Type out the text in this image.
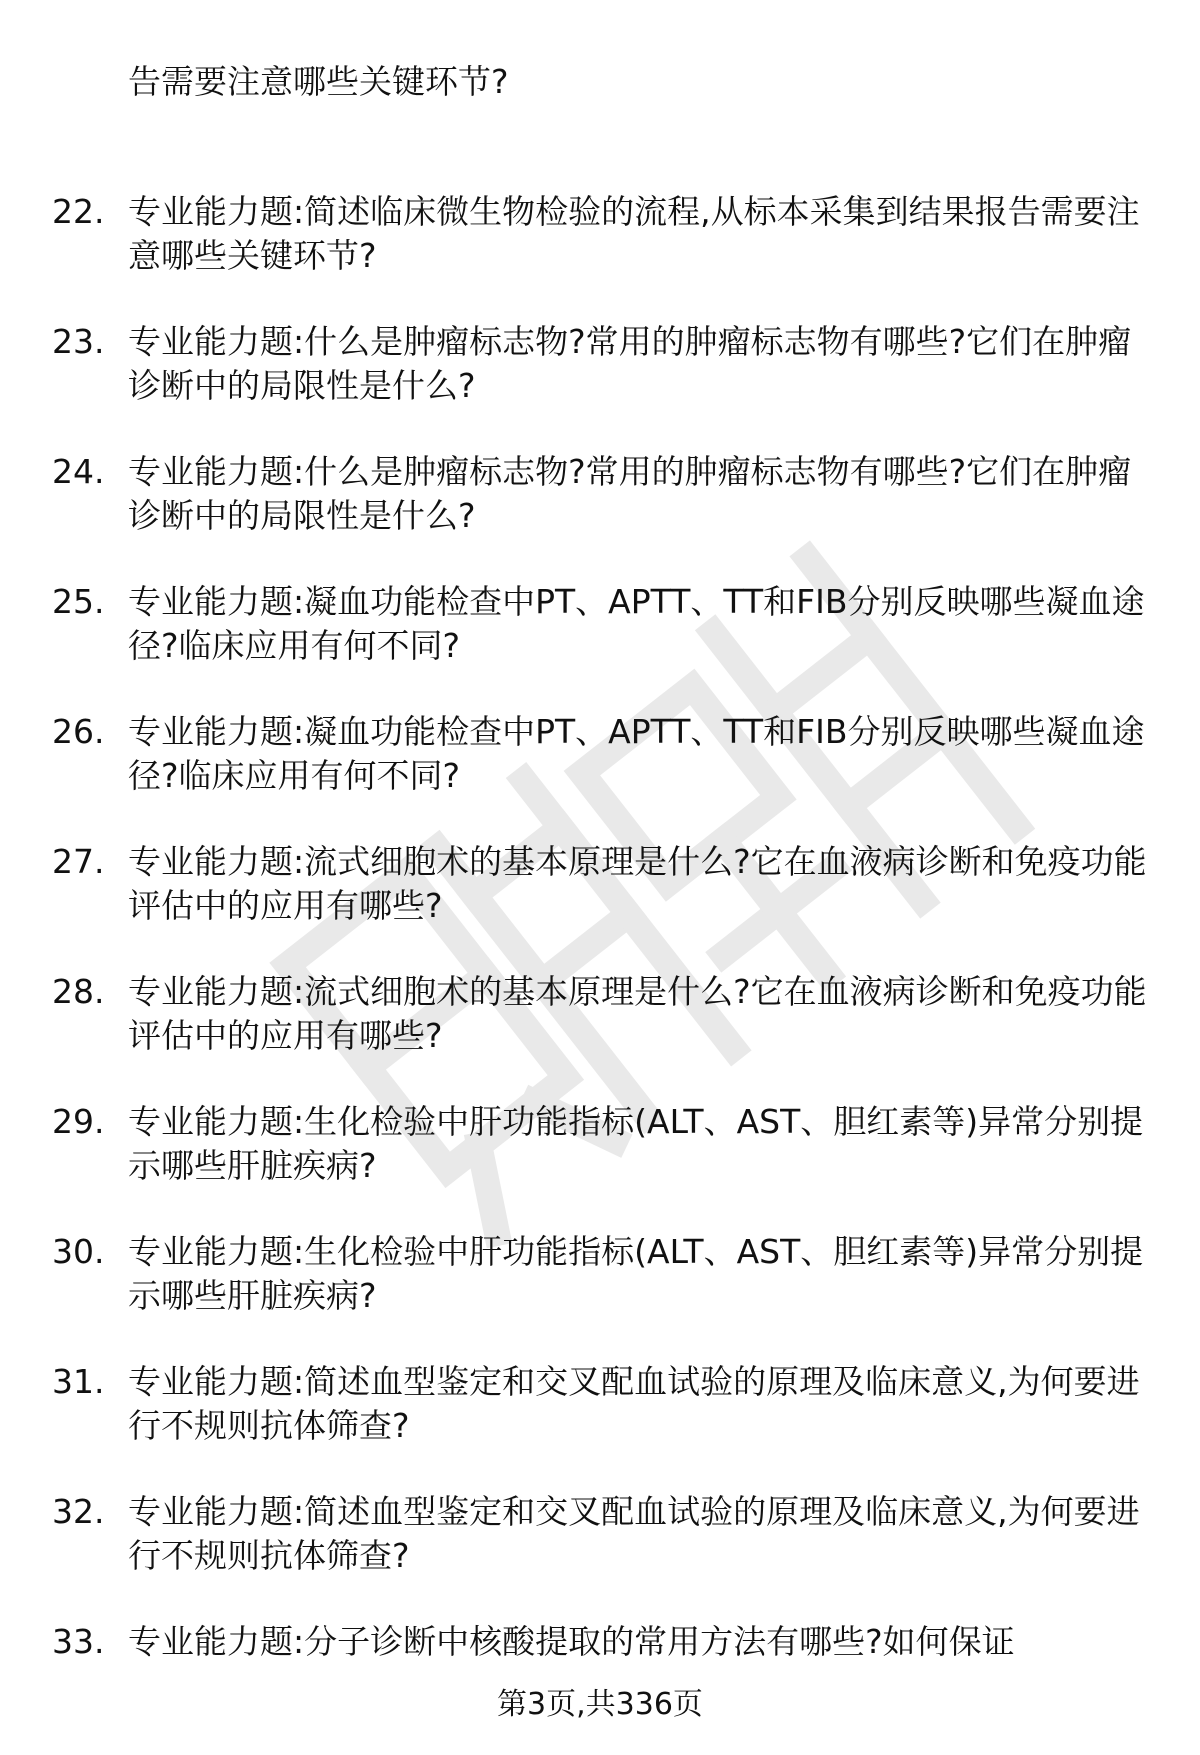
告需要注意哪些关键环节?
22. 专业能力题:简述临床微生物检验的流程,从标本采集到结果报告需要注意哪些关键环节?
23. 专业能力题:什么是肿瘤标志物?常用的肿瘤标志物有哪些?它们在肿瘤诊断中的局限性是什么?
24. 专业能力题:什么是肿瘤标志物?常用的肿瘤标志物有哪些?它们在肿瘤诊断中的局限性是什么?
25. 专业能力题:凝血功能检查中PT、APTT、TT和FIB分别反映哪些凝血途径?临床应用有何不同?
26. 专业能力题:凝血功能检查中PT、APTT、TT和FIB分别反映哪些凝血途径?临床应用有何不同?
27. 专业能力题:流式细胞术的基本原理是什么?它在血液病诊断和免疫功能评估中的应用有哪些?
28. 专业能力题:流式细胞术的基本原理是什么?它在血液病诊断和免疫功能评估中的应用有哪些?
29. 专业能力题:生化检验中肝功能指标(ALT、AST、胆红素等)异常分别提示哪些肝脏疾病?
30. 专业能力题:生化检验中肝功能指标(ALT、AST、胆红素等)异常分别提示哪些肝脏疾病?
31. 专业能力题:简述血型鉴定和交叉配血试验的原理及临床意义,为何要进行不规则抗体筛查?
32. 专业能力题:简述血型鉴定和交叉配血试验的原理及临床意义,为何要进行不规则抗体筛查?
33. 专业能力题:分子诊断中核酸提取的常用方法有哪些?如何保证
第3页,共336页
